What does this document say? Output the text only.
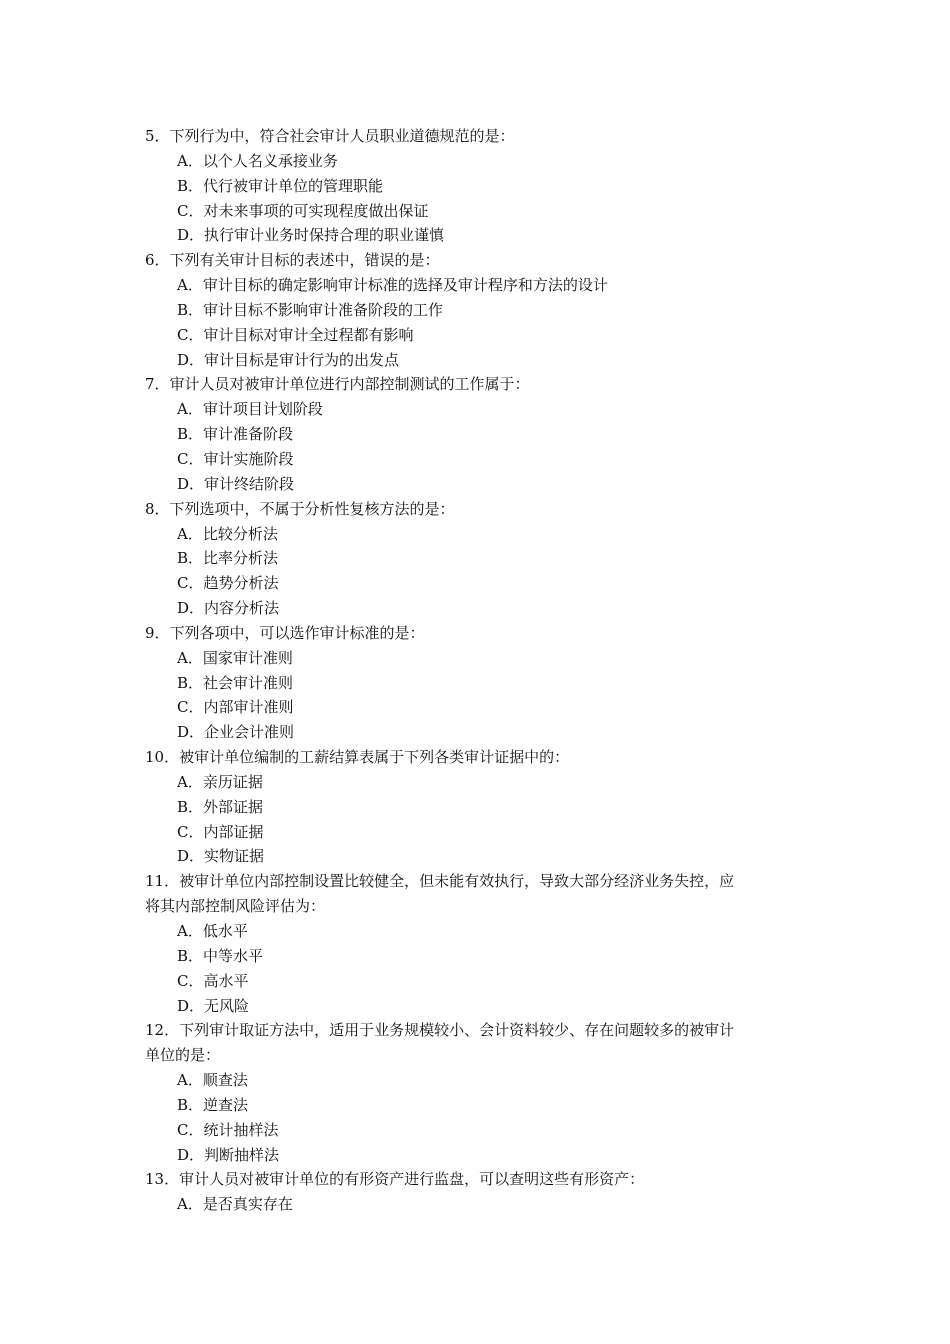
5．下列行为中，符合社会审计人员职业道德规范的是：
A．以个人名义承接业务
B．代行被审计单位的管理职能
C．对未来事项的可实现程度做出保证
D．执行审计业务时保持合理的职业谨慎
6．下列有关审计目标的表述中，错误的是：
A．审计目标的确定影响审计标准的选择及审计程序和方法的设计
B．审计目标不影响审计准备阶段的工作
C．审计目标对审计全过程都有影响
D．审计目标是审计行为的出发点
7．审计人员对被审计单位进行内部控制测试的工作属于：
A．审计项目计划阶段
B．审计准备阶段
C．审计实施阶段
D．审计终结阶段
8．下列选项中，不属于分析性复核方法的是：
A．比较分析法
B．比率分析法
C．趋势分析法
D．内容分析法
9．下列各项中，可以选作审计标准的是：
A．国家审计准则
B．社会审计准则
C．内部审计准则
D．企业会计准则
10．被审计单位编制的工薪结算表属于下列各类审计证据中的：
A．亲历证据
B．外部证据
C．内部证据
D．实物证据
11．被审计单位内部控制设置比较健全，但未能有效执行，导致大部分经济业务失控，应
将其内部控制风险评估为：
A．低水平
B．中等水平
C．高水平
D．无风险
12．下列审计取证方法中，适用于业务规模较小、会计资料较少、存在问题较多的被审计
单位的是：
A．顺查法
B．逆查法
C．统计抽样法
D．判断抽样法
13．审计人员对被审计单位的有形资产进行监盘，可以查明这些有形资产：
A．是否真实存在
